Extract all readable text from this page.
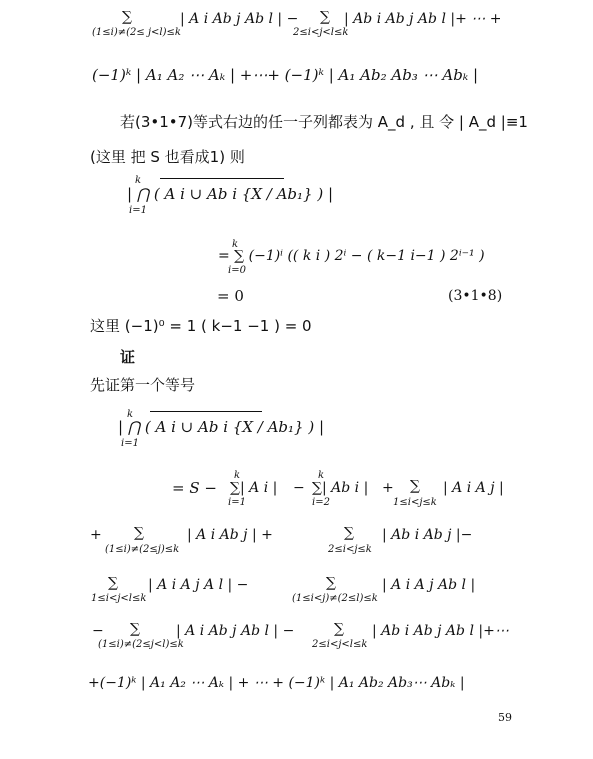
∑
(1≤i)≠(2≤ j<l)≤k
| A i Ab j Ab l | − ∑
2≤i<j<l≤k
| Ab i Ab j Ab l |+ ⋯ +
(−1)ᵏ | A₁ A₂ ⋯ Aₖ | +⋯+ (−1)ᵏ | A₁ Ab₂ Ab₃ ⋯ Abₖ |
若(3•1•7)等式右边的任一子列都表为 A_d , 且 令 | A_d |≡1
(这里 把 S 也看成1) 则
k
| ⋂ ( A i ∪ Ab i {X / Ab₁} ) |
i=1
k
= ∑ (−1)ⁱ (( k i ) 2ⁱ − ( k−1 i−1 ) 2ⁱ⁻¹ )
i=0
= 0	(3•1•8)
这里 (−1)⁰ = 1 ( k−1 −1 ) = 0
证
先证第一个等号
k
| ⋂ ( A i ∪ Ab i {X / Ab₁} ) |
i=1
= S −
k
∑| A i |
i=1
−
k
∑| Ab i |
i=2
+ ∑
1≤i<j≤k
| A i A j |
+ ∑
(1≤i)≠(2≤j)≤k
| A i Ab j | +	∑
2≤i<j≤k
| Ab i Ab j |−
∑
1≤i<j<l≤k
| A i A j A l | −	∑
(1≤i<j)≠(2≤l)≤k
| A i A j Ab l |
− ∑
(1≤i)≠(2≤j<l)≤k
| A i Ab j Ab l | −	∑
2≤i<j<l≤k
| Ab i Ab j Ab l |+⋯
+(−1)ᵏ | A₁ A₂ ⋯ Aₖ | + ⋯ + (−1)ᵏ | A₁ Ab₂ Ab₃⋯ Abₖ |
59
